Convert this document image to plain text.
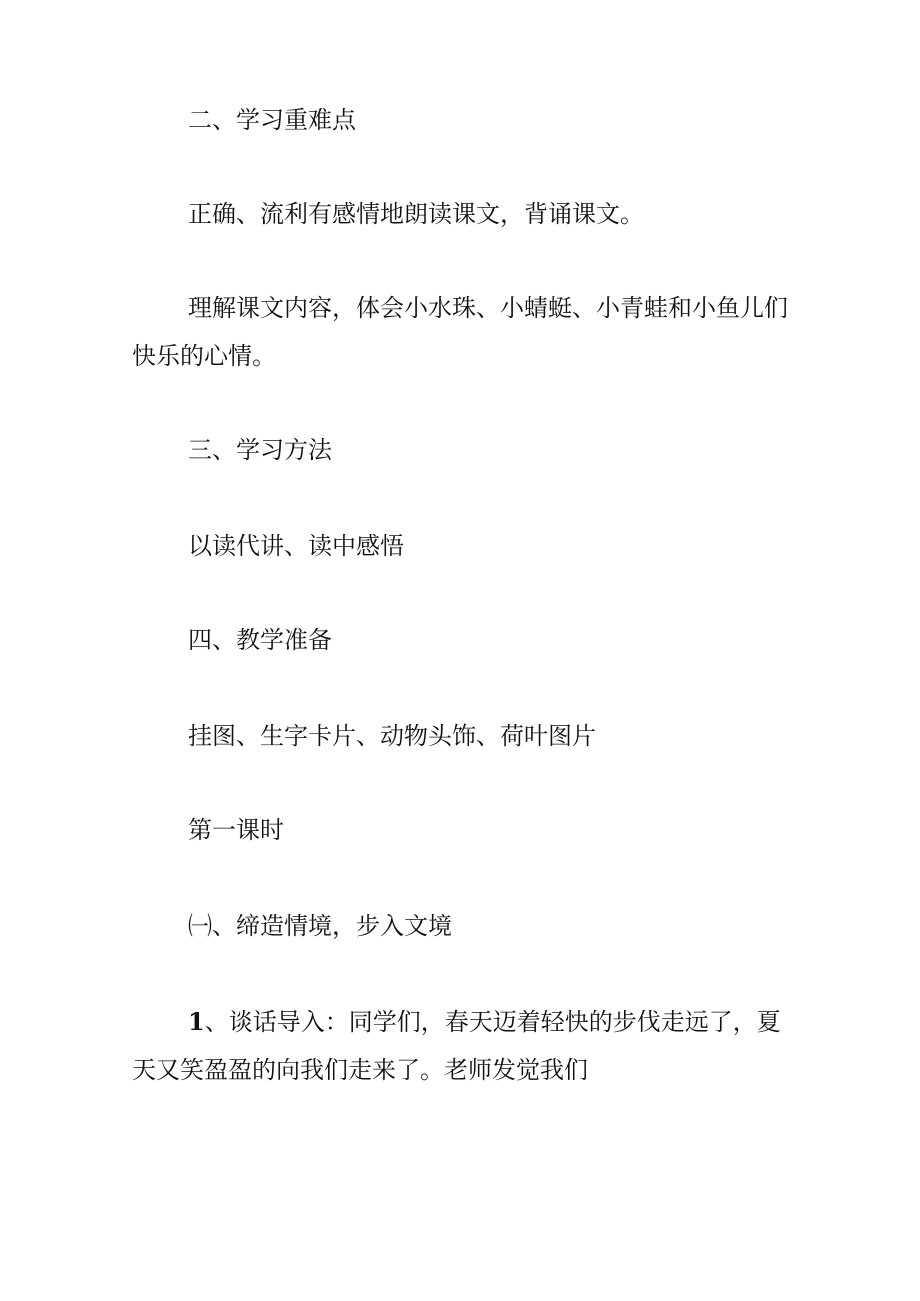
二、学习重难点

正确、流利有感情地朗读课文，背诵课文。

理解课文内容，体会小水珠、小蜻蜓、小青蛙和小鱼儿们快乐的心情。

三、学习方法

以读代讲、读中感悟

四、教学准备

挂图、生字卡片、动物头饰、荷叶图片

第一课时

㈠、缔造情境，步入文境

1、谈话导入：同学们，春天迈着轻快的步伐走远了，夏天又笑盈盈的向我们走来了。老师发觉我们
